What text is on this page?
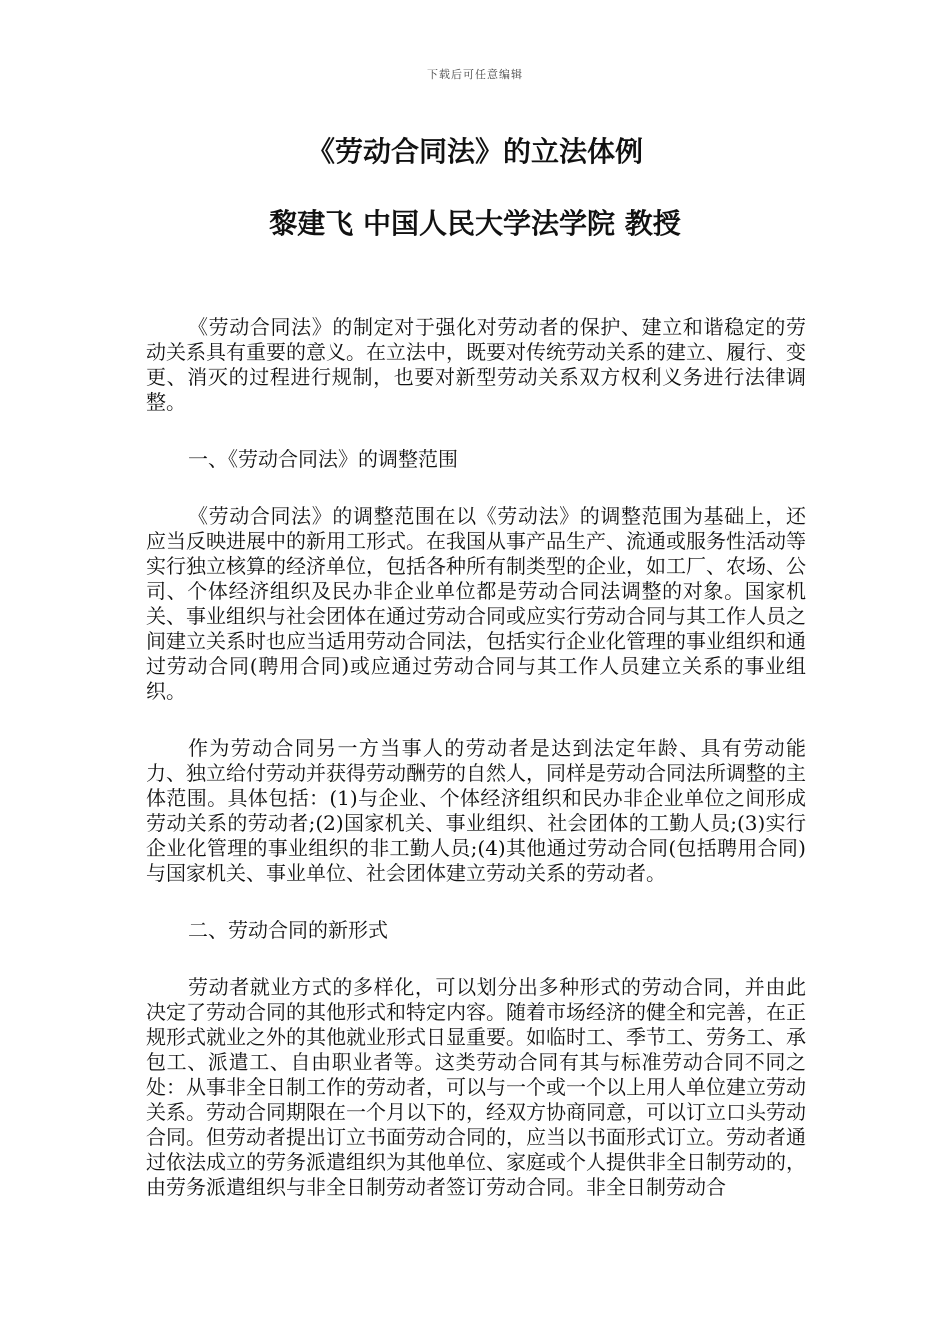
下载后可任意编辑
《劳动合同法》的立法体例
黎建飞 中国人民大学法学院 教授

《劳动合同法》的制定对于强化对劳动者的保护、建立和谐稳定的劳动关系具有重要的意义。在立法中，既要对传统劳动关系的建立、履行、变更、消灭的过程进行规制，也要对新型劳动关系双方权利义务进行法律调整。

一、《劳动合同法》的调整范围

《劳动合同法》的调整范围在以《劳动法》的调整范围为基础上，还应当反映进展中的新用工形式。在我国从事产品生产、流通或服务性活动等实行独立核算的经济单位，包括各种所有制类型的企业，如工厂、农场、公司、个体经济组织及民办非企业单位都是劳动合同法调整的对象。国家机关、事业组织与社会团体在通过劳动合同或应实行劳动合同与其工作人员之间建立关系时也应当适用劳动合同法，包括实行企业化管理的事业组织和通过劳动合同(聘用合同)或应通过劳动合同与其工作人员建立关系的事业组织。

作为劳动合同另一方当事人的劳动者是达到法定年龄、具有劳动能力、独立给付劳动并获得劳动酬劳的自然人，同样是劳动合同法所调整的主体范围。具体包括：(1)与企业、个体经济组织和民办非企业单位之间形成劳动关系的劳动者;(2)国家机关、事业组织、社会团体的工勤人员;(3)实行企业化管理的事业组织的非工勤人员;(4)其他通过劳动合同(包括聘用合同)与国家机关、事业单位、社会团体建立劳动关系的劳动者。

二、劳动合同的新形式

劳动者就业方式的多样化，可以划分出多种形式的劳动合同，并由此决定了劳动合同的其他形式和特定内容。随着市场经济的健全和完善，在正规形式就业之外的其他就业形式日显重要。如临时工、季节工、劳务工、承包工、派遣工、自由职业者等。这类劳动合同有其与标准劳动合同不同之处：从事非全日制工作的劳动者，可以与一个或一个以上用人单位建立劳动关系。劳动合同期限在一个月以下的，经双方协商同意，可以订立口头劳动合同。但劳动者提出订立书面劳动合同的，应当以书面形式订立。劳动者通过依法成立的劳务派遣组织为其他单位、家庭或个人提供非全日制劳动的，由劳务派遣组织与非全日制劳动者签订劳动合同。非全日制劳动合
